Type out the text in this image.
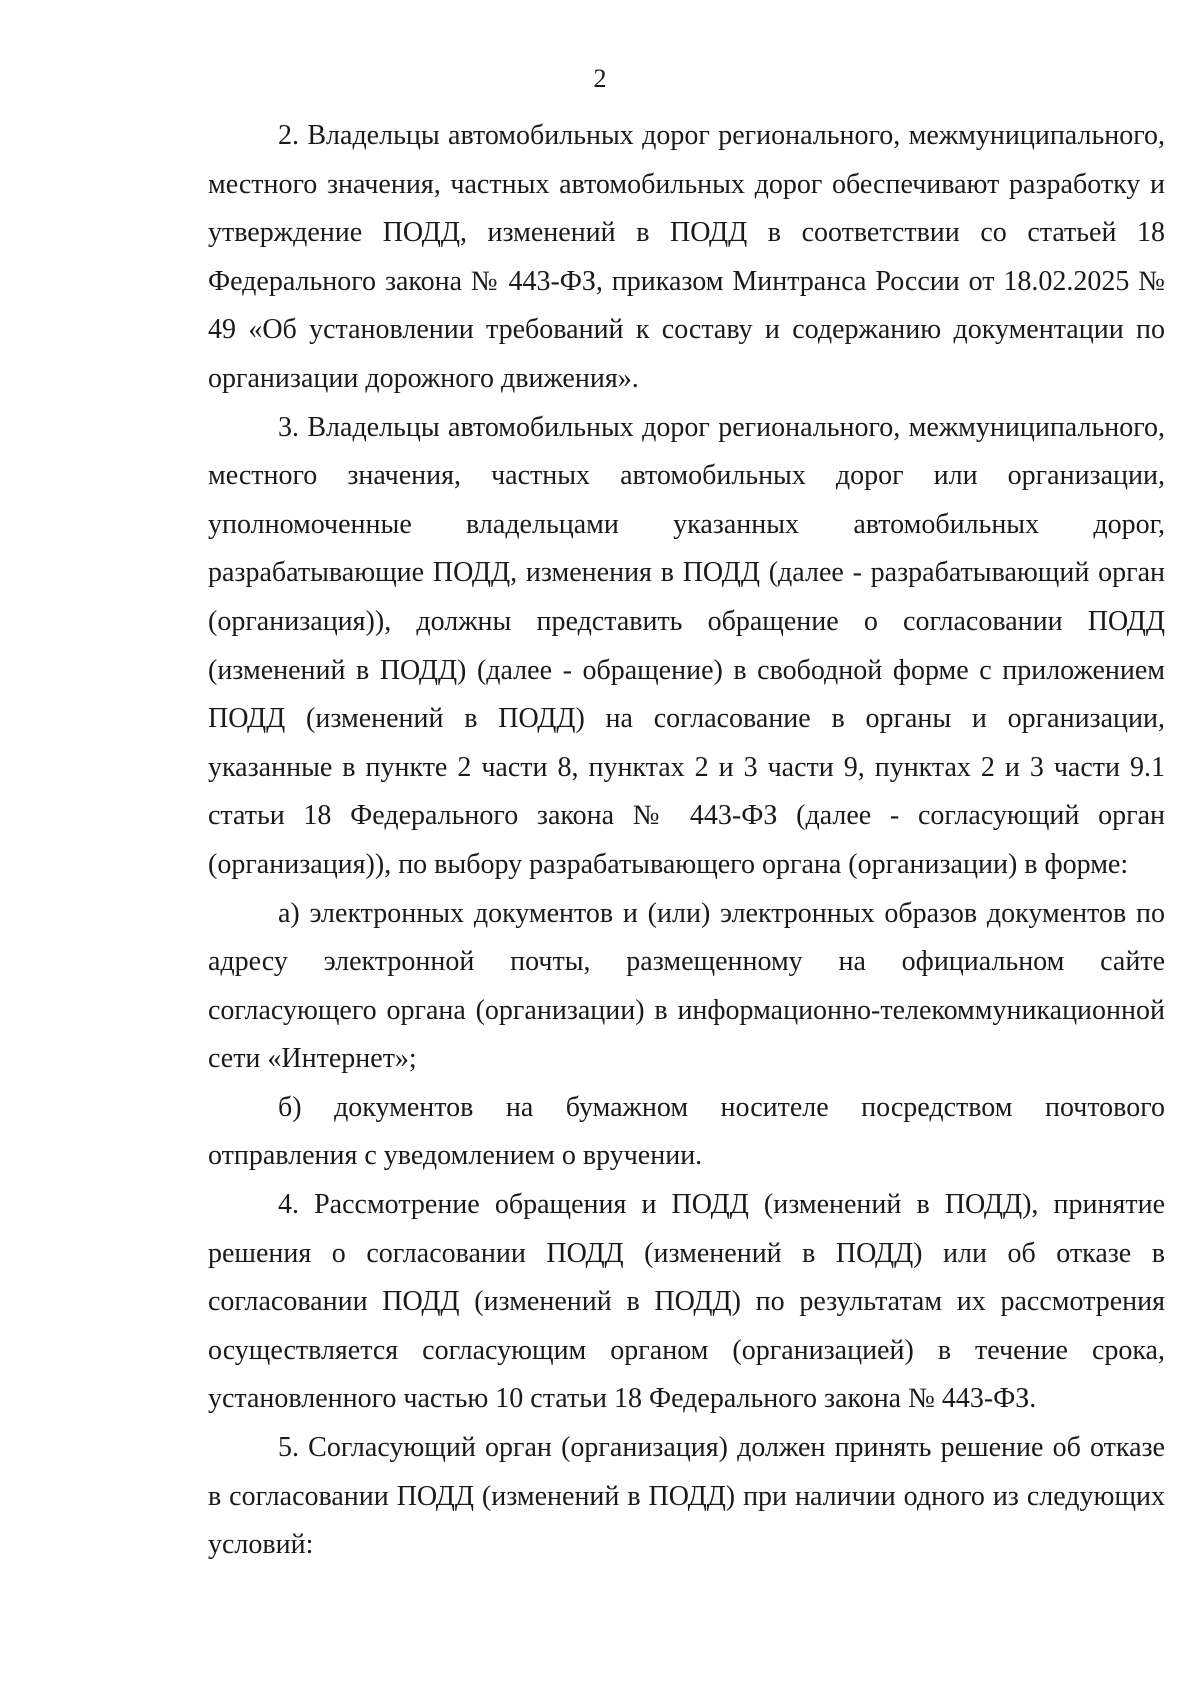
2

2. Владельцы автомобильных дорог регионального, межмуниципального, местного значения, частных автомобильных дорог обеспечивают разработку и утверждение ПОДД, изменений в ПОДД в соответствии со статьей 18 Федерального закона № 443-ФЗ, приказом Минтранса России от 18.02.2025 № 49 «Об установлении требований к составу и содержанию документации по организации дорожного движения».

3. Владельцы автомобильных дорог регионального, межмуниципального, местного значения, частных автомобильных дорог или организации, уполномоченные владельцами указанных автомобильных дорог, разрабатывающие ПОДД, изменения в ПОДД (далее - разрабатывающий орган (организация)), должны представить обращение о согласовании ПОДД (изменений в ПОДД) (далее - обращение) в свободной форме с приложением ПОДД (изменений в ПОДД) на согласование в органы и организации, указанные в пункте 2 части 8, пунктах 2 и 3 части 9, пунктах 2 и 3 части 9.1 статьи 18 Федерального закона № 443-ФЗ (далее - согласующий орган (организация)), по выбору разрабатывающего органа (организации) в форме:

а) электронных документов и (или) электронных образов документов по адресу электронной почты, размещенному на официальном сайте согласующего органа (организации) в информационно-телекоммуникационной сети «Интернет»;

б) документов на бумажном носителе посредством почтового отправления с уведомлением о вручении.

4. Рассмотрение обращения и ПОДД (изменений в ПОДД), принятие решения о согласовании ПОДД (изменений в ПОДД) или об отказе в согласовании ПОДД (изменений в ПОДД) по результатам их рассмотрения осуществляется согласующим органом (организацией) в течение срока, установленного частью 10 статьи 18 Федерального закона № 443-ФЗ.

5. Согласующий орган (организация) должен принять решение об отказе в согласовании ПОДД (изменений в ПОДД) при наличии одного из следующих условий:
